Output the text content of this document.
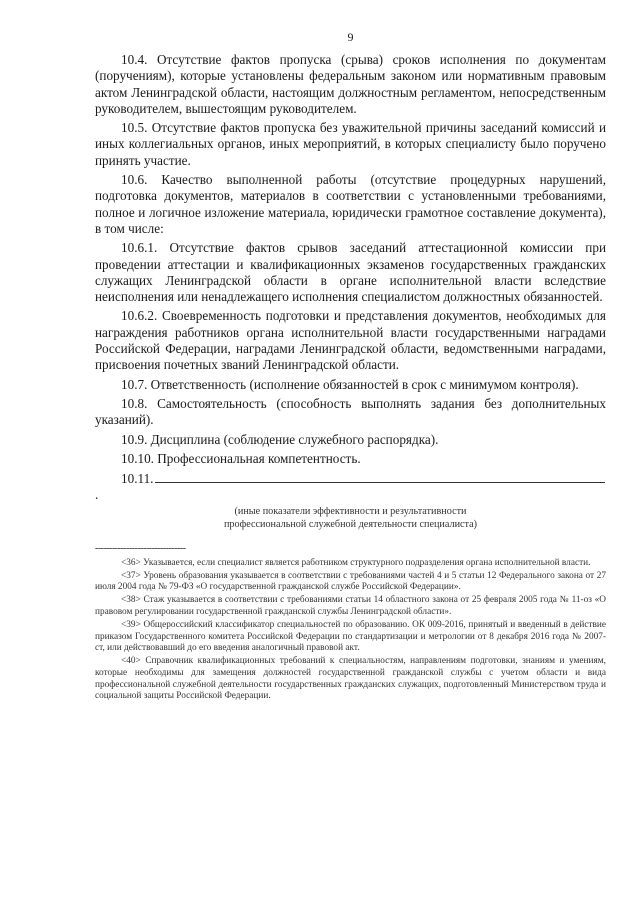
9

10.4. Отсутствие фактов пропуска (срыва) сроков исполнения по документам (поручениям), которые установлены федеральным законом или нормативным правовым актом Ленинградской области, настоящим должностным регламентом, непосредственным руководителем, вышестоящим руководителем.

10.5. Отсутствие фактов пропуска без уважительной причины заседаний комиссий и иных коллегиальных органов, иных мероприятий, в которых специалисту было поручено принять участие.

10.6. Качество выполненной работы (отсутствие процедурных нарушений, подготовка документов, материалов в соответствии с установленными требованиями, полное и логичное изложение материала, юридически грамотное составление документа), в том числе:

10.6.1. Отсутствие фактов срывов заседаний аттестационной комиссии при проведении аттестации и квалификационных экзаменов государственных гражданских служащих Ленинградской области в органе исполнительной власти вследствие неисполнения или ненадлежащего исполнения специалистом должностных обязанностей.

10.6.2. Своевременность подготовки и представления документов, необходимых для награждения работников органа исполнительной власти государственными наградами Российской Федерации, наградами Ленинградской области, ведомственными наградами, присвоения почетных званий Ленинградской области.

10.7. Ответственность (исполнение обязанностей в срок с минимумом контроля).

10.8. Самостоятельность (способность выполнять задания без дополнительных указаний).

10.9. Дисциплина (соблюдение служебного распорядка).

10.10. Профессиональная компетентность.

10.11..

(иные показатели эффективности и результативности
профессиональной служебной деятельности специалиста)
--------------------------------

<36> Указывается, если специалист является работником структурного подразделения органа исполнительной власти.

<37> Уровень образования указывается в соответствии с требованиями частей 4 и 5 статьи 12 Федерального закона от 27 июля 2004 года № 79-ФЗ «О государственной гражданской службе Российской Федерации».

<38> Стаж указывается в соответствии с требованиями статьи 14 областного закона от 25 февраля 2005 года № 11-оз «О правовом регулировании государственной гражданской службы Ленинградской области».

<39> Общероссийский классификатор специальностей по образованию. ОК 009-2016, принятый и введенный в действие приказом Государственного комитета Российской Федерации по стандартизации и метрологии от 8 декабря 2016 года № 2007-ст, или действовавший до его введения аналогичный правовой акт.

<40> Справочник квалификационных требований к специальностям, направлениям подготовки, знаниям и умениям, которые необходимы для замещения должностей государственной гражданской службы с учетом области и вида профессиональной служебной деятельности государственных гражданских служащих, подготовленный Министерством труда и социальной защиты Российской Федерации.
